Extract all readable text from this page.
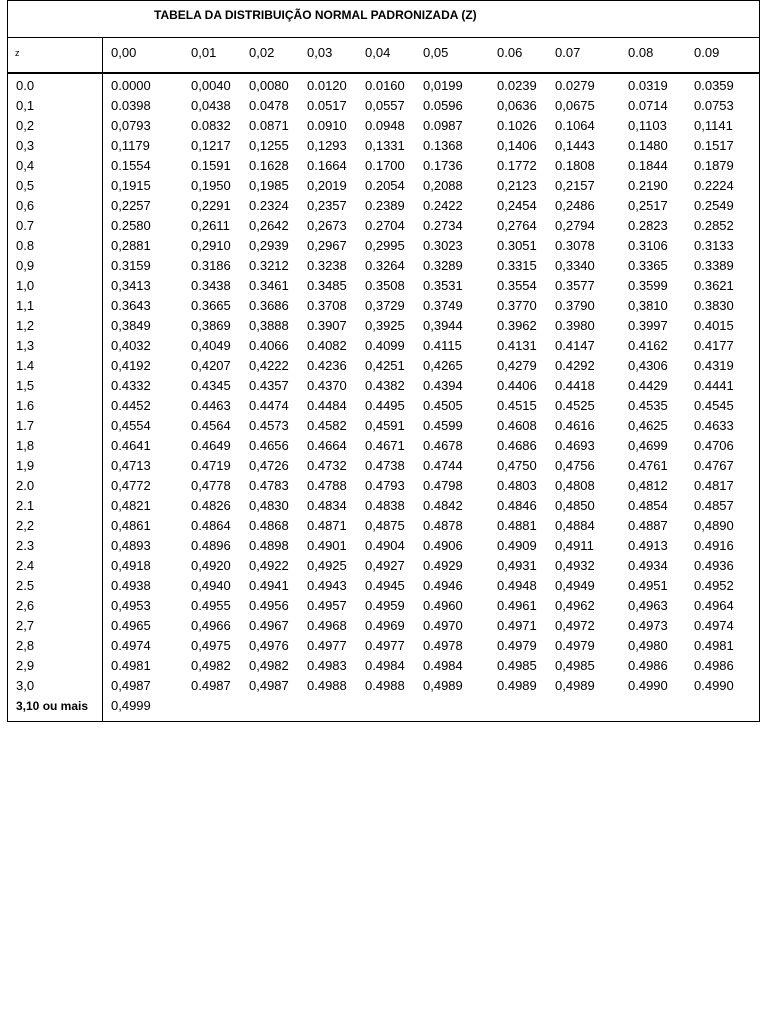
TABELA DA DISTRIBUIÇÃO NORMAL PADRONIZADA (Z)
z	0,00	0,01	0,02	0,03	0,04	0,05	0.06	0.07	0.08	0.09
0.0	0.0000	0,0040 0,0080 0.0120 0.0160 0,0199	0.0239 0.0279	0.0319 0.0359
0,1	0.0398	0,0438 0.0478 0.0517 0,0557 0.0596	0,0636 0,0675	0.0714 0.0753
0,2	0,0793	0.0832 0.0871 0.0910 0.0948 0.0987	0.1026 0.1064	0,1103 0,1141
0,3	0,1179	0,1217 0,1255 0,1293 0,1331 0.1368	0,1406 0,1443	0.1480 0.1517
0,4	0.1554	0.1591 0.1628 0.1664 0.1700 0.1736	0.1772 0.1808	0.1844 0.1879
0,5	0,1915	0,1950 0,1985 0,2019 0.2054 0,2088	0,2123 0,2157	0.2190 0.2224
0,6	0,2257	0,2291 0.2324 0,2357 0.2389 0.2422	0,2454 0,2486	0,2517 0.2549
0.7	0.2580	0,2611 0,2642 0,2673 0.2704 0.2734	0,2764 0,2794	0.2823 0.2852
0.8	0,2881	0,2910 0,2939 0,2967 0,2995 0.3023	0.3051 0.3078	0.3106 0.3133
0,9	0.3159	0.3186 0.3212 0.3238 0.3264 0.3289	0.3315 0,3340	0.3365 0.3389
1,0	0,3413	0.3438 0.3461 0.3485 0.3508 0.3531	0.3554 0.3577	0.3599 0.3621
1,1	0.3643	0.3665 0.3686 0.3708 0,3729 0.3749	0.3770 0.3790	0,3810 0.3830
1,2	0,3849	0,3869 0,3888 0.3907 0,3925 0,3944	0.3962 0.3980	0.3997 0.4015
1,3	0,4032	0,4049 0.4066 0.4082 0.4099 0.4115	0.4131 0.4147	0.4162 0.4177
1.4	0,4192	0,4207 0,4222 0.4236 0,4251 0,4265	0,4279 0.4292	0,4306 0.4319
1,5	0.4332	0.4345 0.4357 0.4370 0.4382 0.4394	0.4406 0.4418	0.4429 0.4441
1.6	0.4452	0.4463 0.4474 0.4484 0.4495 0.4505	0.4515 0.4525	0.4535 0.4545
1.7	0,4554	0.4564 0.4573 0.4582 0,4591 0.4599	0.4608 0.4616	0,4625 0.4633
1,8	0.4641	0.4649 0.4656 0.4664 0.4671 0.4678	0.4686 0.4693	0,4699 0.4706
1,9	0,4713	0.4719 0,4726 0.4732 0.4738 0.4744	0,4750 0,4756	0.4761 0.4767
2.0	0,4772	0,4778 0.4783 0.4788 0.4793 0.4798	0.4803 0,4808	0,4812 0.4817
2.1	0,4821	0.4826 0,4830 0.4834 0.4838 0.4842	0.4846 0,4850	0.4854 0.4857
2,2	0,4861	0.4864 0.4868 0.4871 0,4875 0.4878	0.4881 0,4884	0.4887 0,4890
2.3	0,4893	0.4896 0.4898 0.4901 0.4904 0.4906	0.4909 0,4911	0.4913 0.4916
2.4	0,4918	0,4920 0,4922 0,4925 0,4927 0.4929	0,4931 0,4932	0.4934 0.4936
2.5	0.4938	0,4940 0.4941 0.4943 0.4945 0.4946	0.4948 0,4949	0.4951 0.4952
2,6	0,4953	0.4955 0.4956 0.4957 0.4959 0.4960	0.4961 0,4962	0,4963 0.4964
2,7	0.4965	0,4966 0.4967 0.4968 0.4969 0.4970	0.4971 0,4972	0.4973 0.4974
2,8	0.4974	0,4975 0,4976 0.4977 0.4977 0.4978	0.4979 0.4979	0,4980 0.4981
2,9	0.4981	0,4982 0,4982 0.4983 0.4984 0.4984	0.4985 0,4985	0.4986 0.4986
3,0	0,4987	0.4987 0,4987 0.4988 0.4988 0,4989	0.4989 0,4989	0.4990 0.4990
3,10 ou mais 0,4999
